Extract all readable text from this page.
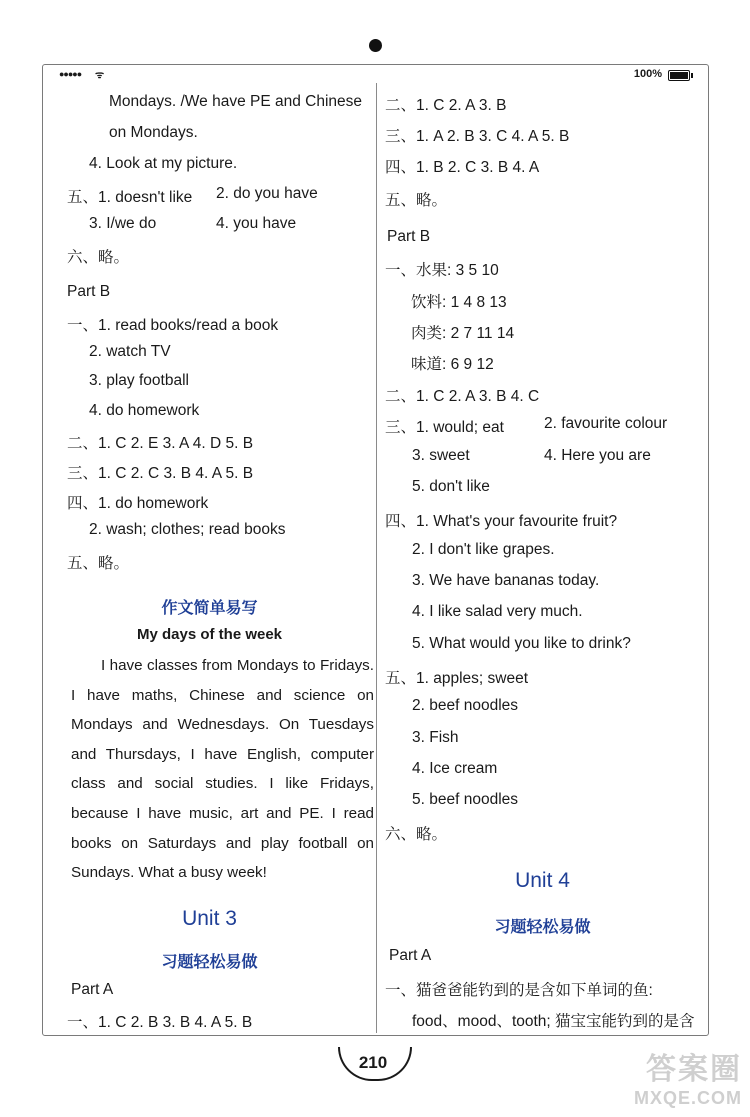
●●●●● ᯤ	100%
Mondays. /We have PE and Chinese
on Mondays.
4. Look at my picture.
五、1. doesn't like 2. do you have
3. I/we do	4. you have
六、略。
Part B
一、1. read books/read a book
2. watch TV
3. play football
4. do homework
二、1. C 2. E 3. A 4. D 5. B
三、1. C 2. C 3. B 4. A 5. B
四、1. do homework
2. wash; clothes; read books
五、略。
作文简单易写
My days of the week

I have classes from Mondays to Fridays. I have maths, Chinese and science on Mondays and Wednesdays. On Tuesdays and Thursdays, I have English, computer class and social studies. I like Fridays, because I have music, art and PE. I read books on Saturdays and play football on Sundays. What a busy week!

Unit 3
习题轻松易做
Part A
一、1. C 2. B 3. B 4. A 5. B
二、1. C 2. A 3. B
三、1. A 2. B 3. C 4. A 5. B
四、1. B 2. C 3. B 4. A
五、略。
Part B
一、水果: 3 5 10
饮料: 1 4 8 13
肉类: 2 7 11 14
味道: 6 9 12
二、1. C 2. A 3. B 4. C
三、1. would; eat	2. favourite colour
3. sweet	4. Here you are
5. don't like
四、1. What's your favourite fruit?
2. I don't like grapes.
3. We have bananas today.
4. I like salad very much.
5. What would you like to drink?
五、1. apples; sweet
2. beef noodles
3. Fish
4. Ice cream
5. beef noodles
六、略。
Unit 4
习题轻松易做
Part A
一、猫爸爸能钓到的是含如下单词的鱼:
food、mood、tooth; 猫宝宝能钓到的是含
210	答案圈
MXQE.COM
